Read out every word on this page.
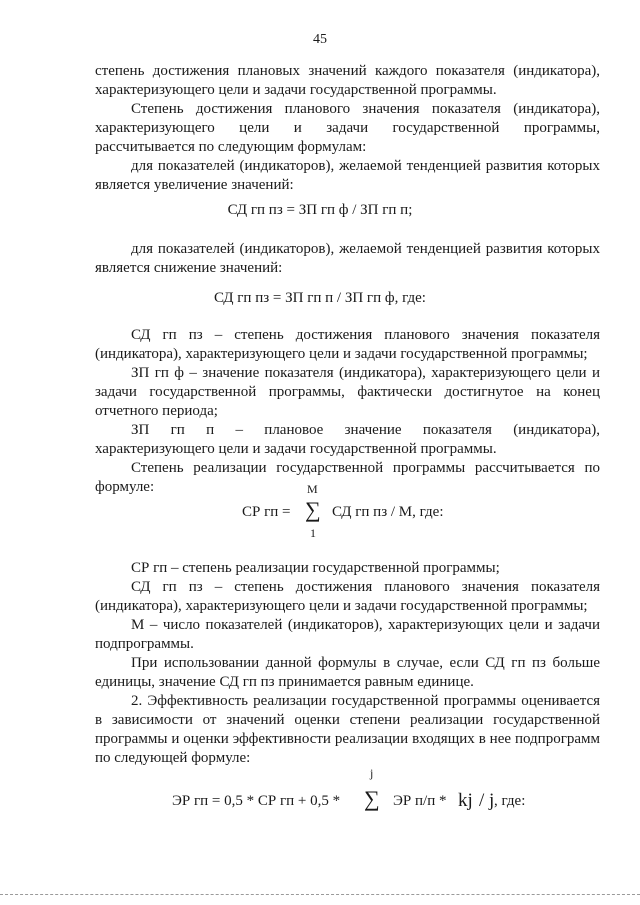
45

степень достижения плановых значений каждого показателя (индикатора), характеризующего цели и задачи государственной программы.

Степень достижения планового значения показателя (индикатора), характеризующего цели и задачи государственной программы, рассчитывается по следующим формулам:

для показателей (индикаторов), желаемой тенденцией развития которых является увеличение значений:

СД гп пз = ЗП гп ф / ЗП гп п;

для показателей (индикаторов), желаемой тенденцией развития которых является снижение значений:

СД гп пз = ЗП гп п / ЗП гп ф, где:

СД гп пз – степень достижения планового значения показателя (индикатора), характеризующего цели и задачи государственной программы;

ЗП гп ф – значение показателя (индикатора), характеризующего цели и задачи государственной программы, фактически достигнутое на конец отчетного периода;

ЗП гп п – плановое значение показателя (индикатора), характеризующего цели и задачи государственной программы.

Степень реализации государственной программы рассчитывается по формуле:	М
СР гп = ∑ СД гп пз / М, где:
1

СР гп – степень реализации государственной программы;

СД гп пз – степень достижения планового значения показателя (индикатора), характеризующего цели и задачи государственной программы;

М – число показателей (индикаторов), характеризующих цели и задачи подпрограммы.

При использовании данной формулы в случае, если СД гп пз больше единицы, значение СД гп пз принимается равным единице.

2. Эффективность реализации государственной программы оценивается в зависимости от значений оценки степени реализации государственной программы и оценки эффективности реализации входящих в нее подпрограмм по следующей формуле:

j
ЭР гп = 0,5 * СР гп + 0,5 * ∑ ЭР п/п * kj / j , где:
